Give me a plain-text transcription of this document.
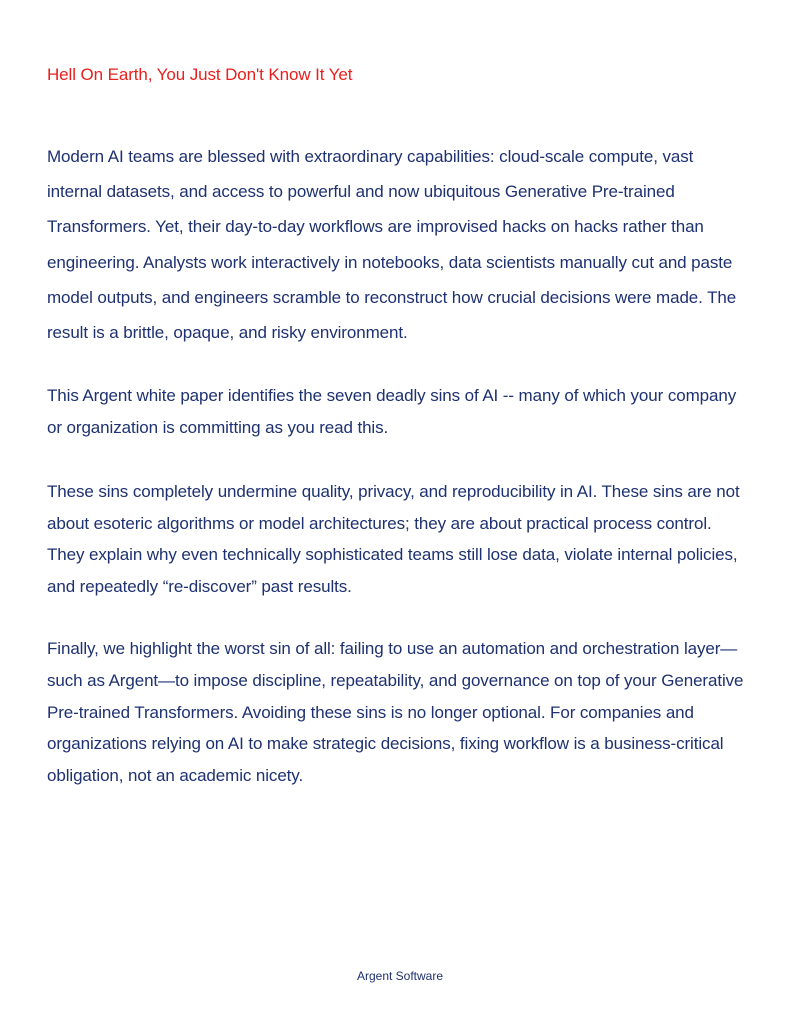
Hell On Earth, You Just Don't Know It Yet

Modern AI teams are blessed with extraordinary capabilities: cloud-scale compute, vast internal datasets, and access to powerful and now ubiquitous Generative Pre-trained Transformers. Yet, their day-to-day workflows are improvised hacks on hacks rather than engineering. Analysts work interactively in notebooks, data scientists manually cut and paste model outputs, and engineers scramble to reconstruct how crucial decisions were made. The result is a brittle, opaque, and risky environment.

This Argent white paper identifies the seven deadly sins of AI -- many of which your company or organization is committing as you read this.

These sins completely undermine quality, privacy, and reproducibility in AI. These sins are not about esoteric algorithms or model architectures; they are about practical process control. They explain why even technically sophisticated teams still lose data, violate internal policies, and repeatedly “re-discover” past results.

Finally, we highlight the worst sin of all: failing to use an automation and orchestration layer—such as Argent—to impose discipline, repeatability, and governance on top of your Generative Pre-trained Transformers. Avoiding these sins is no longer optional. For companies and organizations relying on AI to make strategic decisions, fixing workflow is a business-critical obligation, not an academic nicety.

Argent Software
